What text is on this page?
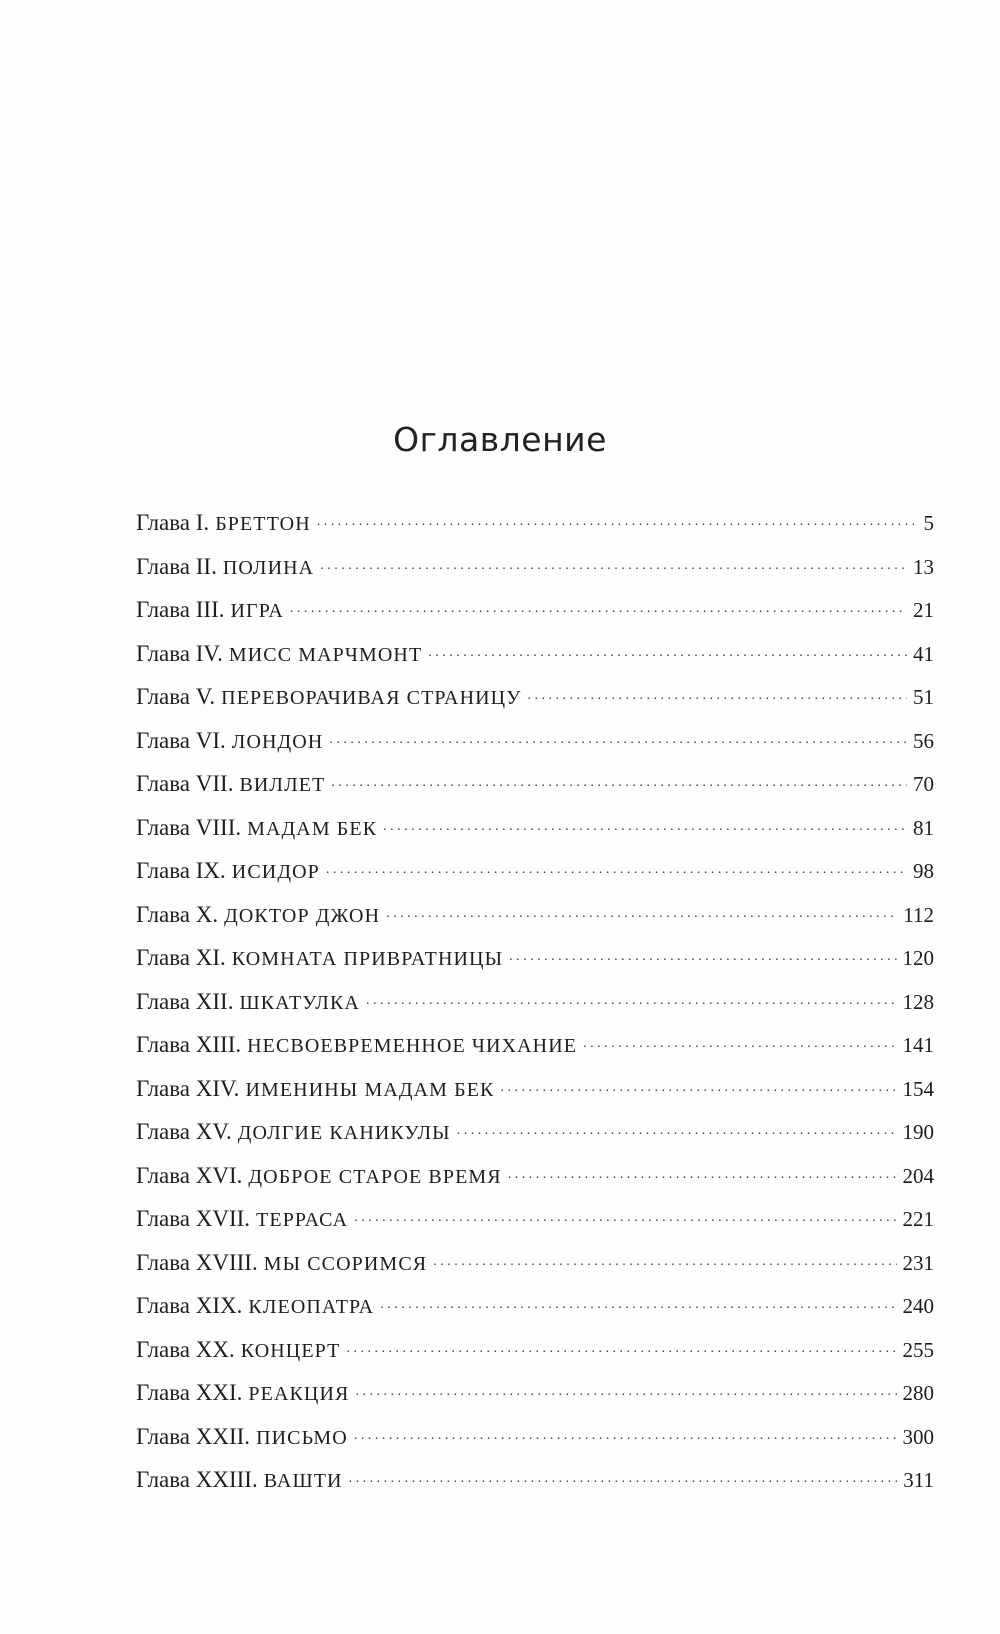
Оглавление
Глава I. БРЕТТОН . . .	5
Глава II. ПОЛИНА . . .	13
Глава III. ИГРА . . .	21
Глава IV. МИСС МАРЧМОНТ . . .	41
Глава V. ПЕРЕВОРАЧИВАЯ СТРАНИЦУ . . .	51
Глава VI. ЛОНДОН . . .	56
Глава VII. ВИЛЛЕТ . . .	70
Глава VIII. МАДАМ БЕК . . .	81
Глава IX. ИСИДОР . . .	98
Глава X. ДОКТОР ДЖОН . . .	112
Глава XI. КОМНАТА ПРИВРАТНИЦЫ . . .	120
Глава XII. ШКАТУЛКА . . .	128
Глава XIII. НЕСВОЕВРЕМЕННОЕ ЧИХАНИЕ . . .	141
Глава XIV. ИМЕНИНЫ МАДАМ БЕК . . .	154
Глава XV. ДОЛГИЕ КАНИКУЛЫ . . .	190
Глава XVI. ДОБРОЕ СТАРОЕ ВРЕМЯ . . .	204
Глава XVII. ТЕРРАСА . . .	221
Глава XVIII. МЫ ССОРИМСЯ . . .	231
Глава XIX. КЛЕОПАТРА . . .	240
Глава XX. КОНЦЕРТ . . .	255
Глава XXI. РЕАКЦИЯ . . .	280
Глава XXII. ПИСЬМО . . .	300
Глава XXIII. ВАШТИ . . .	311
